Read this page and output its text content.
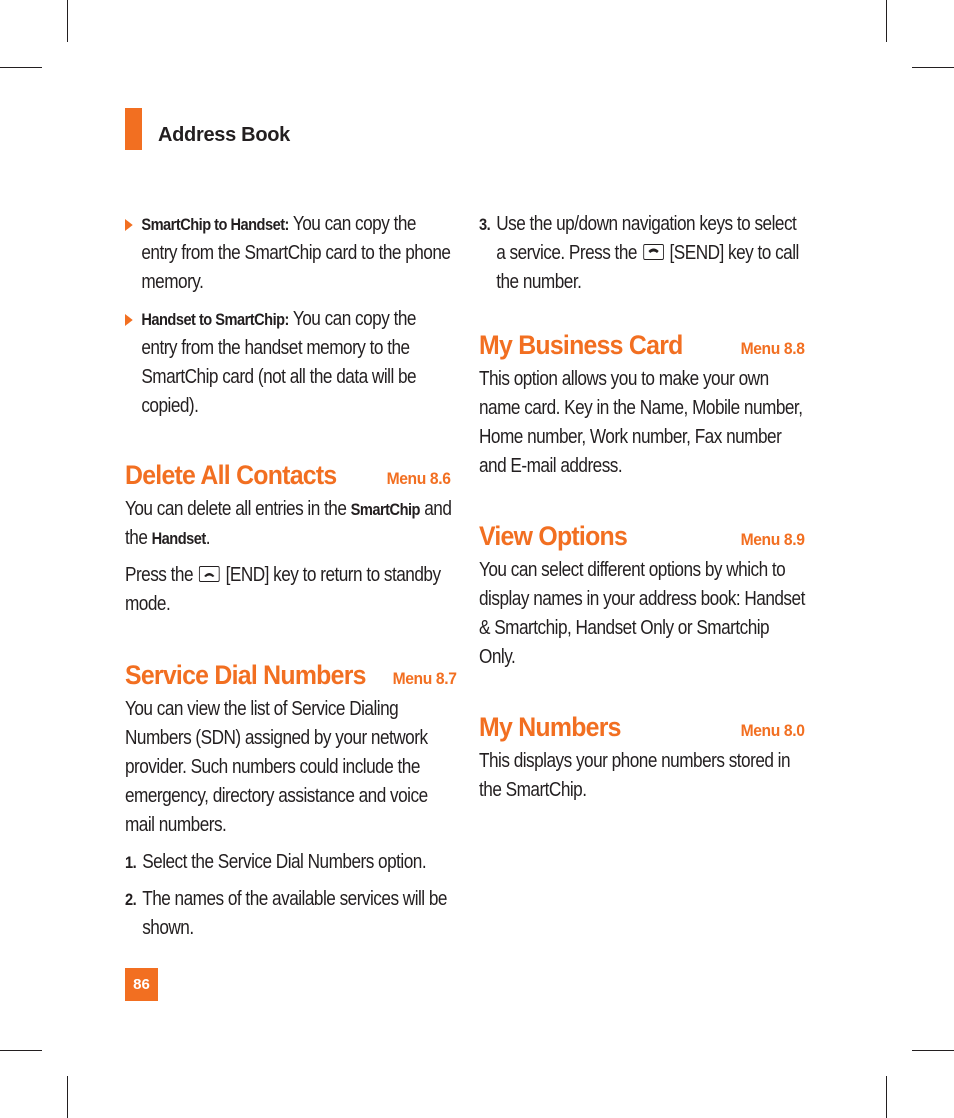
Address Book
SmartChip to Handset: You can copy the entry from the SmartChip card to the phone memory.
Handset to SmartChip: You can copy the entry from the handset memory to the SmartChip card (not all the data will be copied).
Delete All Contacts	Menu 8.6

You can delete all entries in the SmartChip and the Handset.

Press the
[END] key to return to standby mode.

Service Dial Numbers Menu 8.7

You can view the list of Service Dialing Numbers (SDN) assigned by your network provider. Such numbers could include the emergency, directory assistance and voice mail numbers.

1. Select the Service Dial Numbers option.
2. The names of the available services will be shown.
3. Use the up/down navigation keys to select a service. Press the
[SEND] key to call the number.
My Business Card	Menu 8.8

This option allows you to make your own name card. Key in the Name, Mobile number, Home number, Work number, Fax number and E-mail address.

View Options	Menu 8.9

You can select different options by which to display names in your address book: Handset & Smartchip, Handset Only or Smartchip Only.

My Numbers	Menu 8.0

This displays your phone numbers stored in the SmartChip.

86
